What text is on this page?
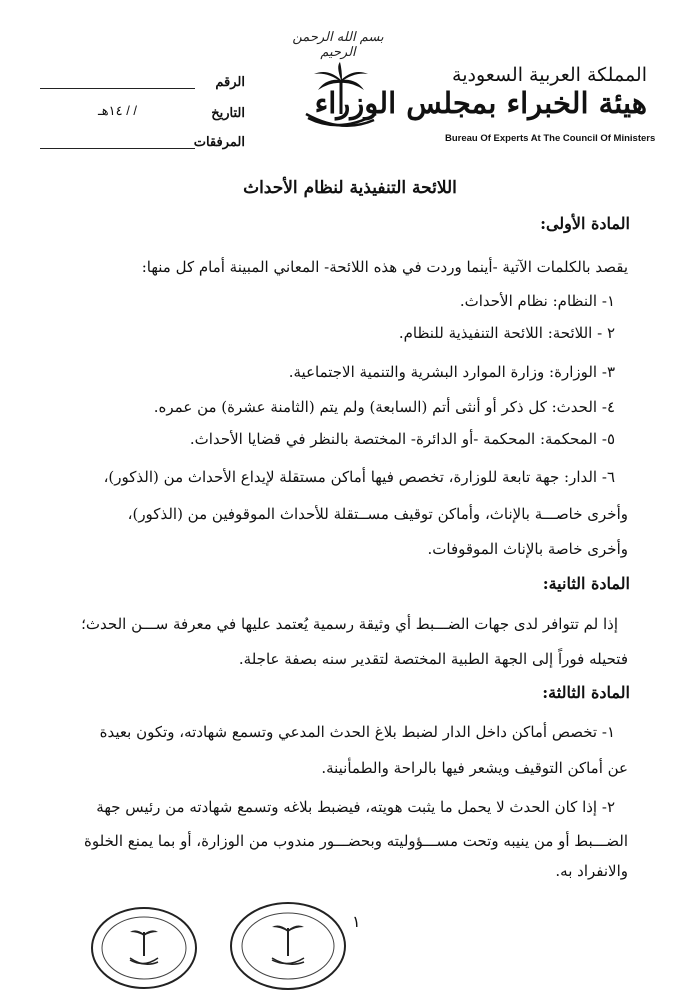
بسم الله الرحمن الرحيم
المملكة العربية السعودية
هيئة الخبراء بمجلس الوزراء
Bureau Of Experts At The Council Of Ministers
الرقم
التاريخ
/ / ١٤هـ
المرفقات
اللائحة التنفيذية لنظام الأحداث
المادة الأولى:
يقصد بالكلمات الآتية -أينما وردت في هذه اللائحة- المعاني المبينة أمام كل منها:
١- النظام: نظام الأحداث.
٢ - اللائحة: اللائحة التنفيذية للنظام.
٣- الوزارة: وزارة الموارد البشرية والتنمية الاجتماعية.
٤- الحدث: كل ذكر أو أنثى أتم (السابعة) ولم يتم (الثامنة عشرة) من عمره.
٥- المحكمة: المحكمة -أو الدائرة- المختصة بالنظر في قضايا الأحداث.
٦- الدار: جهة تابعة للوزارة، تخصص فيها أماكن مستقلة لإيداع الأحداث من (الذكور)،
وأخرى خاصـــة بالإناث، وأماكن توقيف مســتقلة للأحداث الموقوفين من (الذكور)،
وأخرى خاصة بالإناث الموقوفات.
المادة الثانية:
إذا لم تتوافر لدى جهات الضـــبط أي وثيقة رسمية يُعتمد عليها في معرفة ســـن الحدث؛
فتحيله فوراً إلى الجهة الطبية المختصة لتقدير سنه بصفة عاجلة.
المادة الثالثة:
١- تخصص أماكن داخل الدار لضبط بلاغ الحدث المدعي وتسمع شهادته، وتكون بعيدة
عن أماكن التوقيف ويشعر فيها بالراحة والطمأنينة.
٢- إذا كان الحدث لا يحمل ما يثبت هويته، فيضبط بلاغه وتسمع شهادته من رئيس جهة
الضـــبط أو من ينيبه وتحت مســـؤوليته وبحضـــور مندوب من الوزارة، أو بما يمنع الخلوة
والانفراد به.
١
